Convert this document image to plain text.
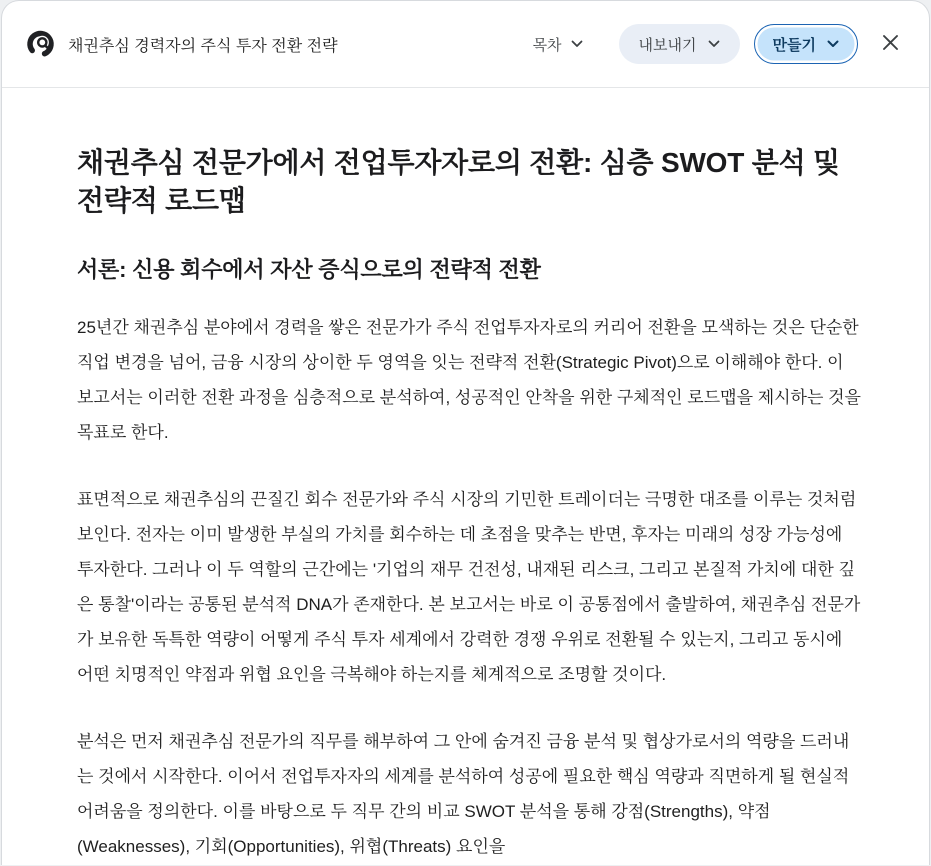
채권추심 경력자의 주식 투자 전환 전략	목차	내보내기	만들기
채권추심 전문가에서 전업투자자로의 전환: 심층 SWOT 분석 및 전략적 로드맵
서론: 신용 회수에서 자산 증식으로의 전략적 전환

25년간 채권추심 분야에서 경력을 쌓은 전문가가 주식 전업투자자로의 커리어 전환을 모색하는 것은 단순한 직업 변경을 넘어, 금융 시장의 상이한 두 영역을 잇는 전략적 전환(Strategic Pivot)으로 이해해야 한다. 이 보고서는 이러한 전환 과정을 심층적으로 분석하여, 성공적인 안착을 위한 구체적인 로드맵을 제시하는 것을 목표로 한다.

표면적으로 채권추심의 끈질긴 회수 전문가와 주식 시장의 기민한 트레이더는 극명한 대조를 이루는 것처럼 보인다. 전자는 이미 발생한 부실의 가치를 회수하는 데 초점을 맞추는 반면, 후자는 미래의 성장 가능성에 투자한다. 그러나 이 두 역할의 근간에는 '기업의 재무 건전성, 내재된 리스크, 그리고 본질적 가치에 대한 깊은 통찰'이라는 공통된 분석적 DNA가 존재한다. 본 보고서는 바로 이 공통점에서 출발하여, 채권추심 전문가가 보유한 독특한 역량이 어떻게 주식 투자 세계에서 강력한 경쟁 우위로 전환될 수 있는지, 그리고 동시에 어떤 치명적인 약점과 위협 요인을 극복해야 하는지를 체계적으로 조명할 것이다.

분석은 먼저 채권추심 전문가의 직무를 해부하여 그 안에 숨겨진 금융 분석 및 협상가로서의 역량을 드러내는 것에서 시작한다. 이어서 전업투자자의 세계를 분석하여 성공에 필요한 핵심 역량과 직면하게 될 현실적 어려움을 정의한다. 이를 바탕으로 두 직무 간의 비교 SWOT 분석을 통해 강점(Strengths), 약점(Weaknesses), 기회(Opportunities), 위협(Threats) 요인을
